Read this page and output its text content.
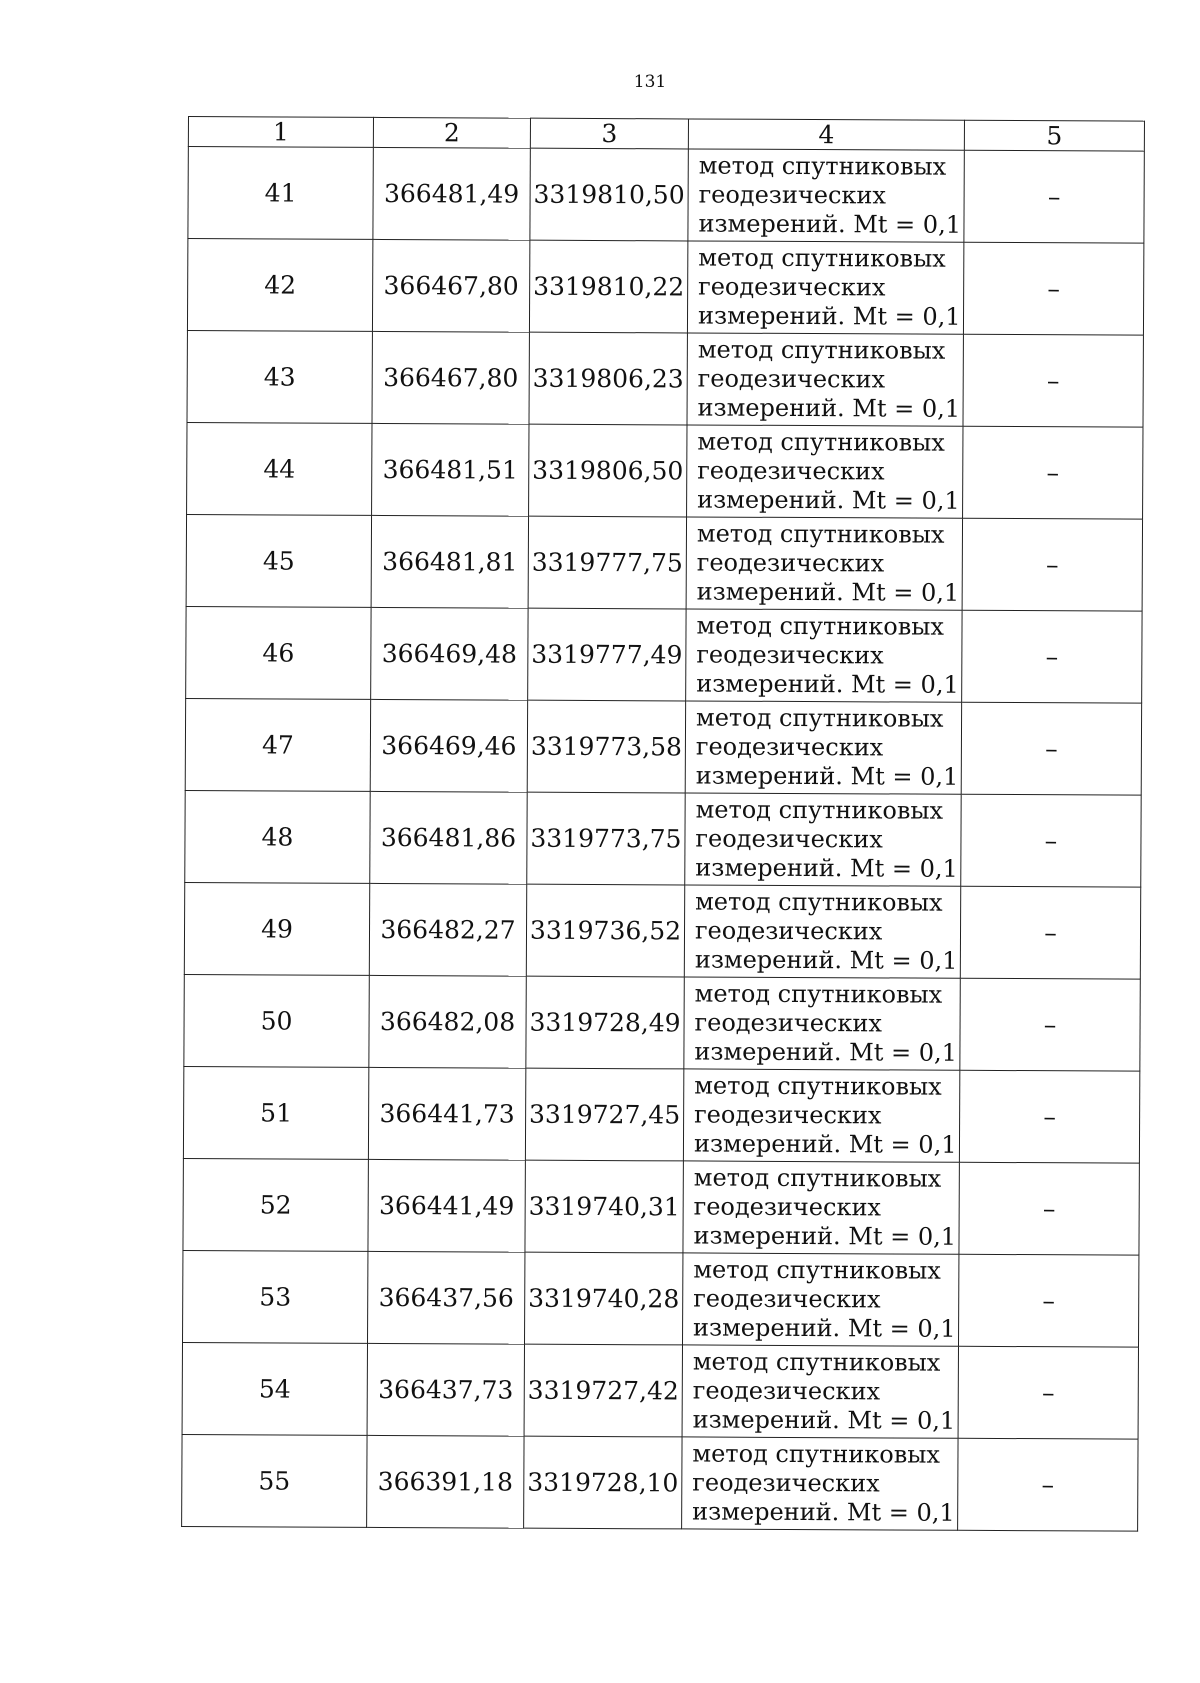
131
1	2	3	4	5
41	366481,49	3319810,50	метод спутниковых
геодезических
измерений. Mt = 0,1	–
42	366467,80	3319810,22	метод спутниковых
геодезических
измерений. Mt = 0,1	–
43	366467,80	3319806,23	метод спутниковых
геодезических
измерений. Mt = 0,1	–
44	366481,51	3319806,50	метод спутниковых
геодезических
измерений. Mt = 0,1	–
45	366481,81	3319777,75	метод спутниковых
геодезических
измерений. Mt = 0,1	–
46	366469,48	3319777,49	метод спутниковых
геодезических
измерений. Mt = 0,1	–
47	366469,46	3319773,58	метод спутниковых
геодезических
измерений. Mt = 0,1	–
48	366481,86	3319773,75	метод спутниковых
геодезических
измерений. Mt = 0,1	–
49	366482,27	3319736,52	метод спутниковых
геодезических
измерений. Mt = 0,1	–
50	366482,08	3319728,49	метод спутниковых
геодезических
измерений. Mt = 0,1	–
51	366441,73	3319727,45	метод спутниковых
геодезических
измерений. Mt = 0,1	–
52	366441,49	3319740,31	метод спутниковых
геодезических
измерений. Mt = 0,1	–
53	366437,56	3319740,28	метод спутниковых
геодезических
измерений. Mt = 0,1	–
54	366437,73	3319727,42	метод спутниковых
геодезических
измерений. Mt = 0,1	–
55	366391,18	3319728,10	метод спутниковых
геодезических
измерений. Mt = 0,1	–
